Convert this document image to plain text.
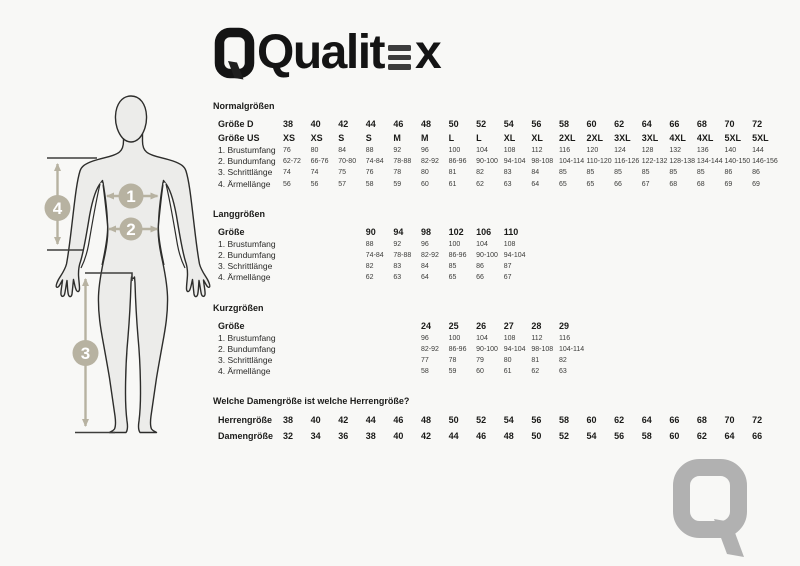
Qualit x
1
2
3
4
Normalgrößen
Größe D	38	40	42	44	46	48	50	52	54	56	58	60	62	64	66	68	70	72
Größe US	XS	XS	S	S	M	M	L	L	XL	XL	2XL	2XL	3XL	3XL	4XL	4XL	5XL	5XL
1. Brustumfang	76	80	84	88	92	96	100	104	108	112	116	120	124	128	132	136	140	144
2. Bundumfang	62-72	66-76	70-80	74-84	78-88	82-92	86-96	90-100 94-104 98-108 104-114 110-120 116-126 122-132 128-138 134-144 140-150 146-156
3. Schrittlänge	74	74	75	76	78	80	81	82	83	84	85	85	85	85	85	85	86	86
4. Ärmellänge	56	56	57	58	59	60	61	62	63	64	65	65	66	67	68	68	69	69
Langgrößen
Größe	90	94	98	102	106	110
1. Brustumfang	88	92	96	100	104	108
2. Bundumfang	74-84	78-88	82-92	86-96	90-100 94-104
3. Schrittlänge	82	83	84	85	86	87
4. Ärmellänge	62	63	64	65	66	67
Kurzgrößen
Größe	24	25	26	27	28	29
1. Brustumfang	96	100	104	108	112	116
2. Bundumfang	82-92	86-96	90-100 94-104 98-108 104-114
3. Schrittlänge	77	78	79	80	81	82
4. Ärmellänge	58	59	60	61	62	63
Welche Damengröße ist welche Herrengröße?
Herrengröße	38	40	42	44	46	48	50	52	54	56	58	60	62	64	66	68	70	72
Damengröße	32	34	36	38	40	42	44	46	48	50	52	54	56	58	60	62	64	66
